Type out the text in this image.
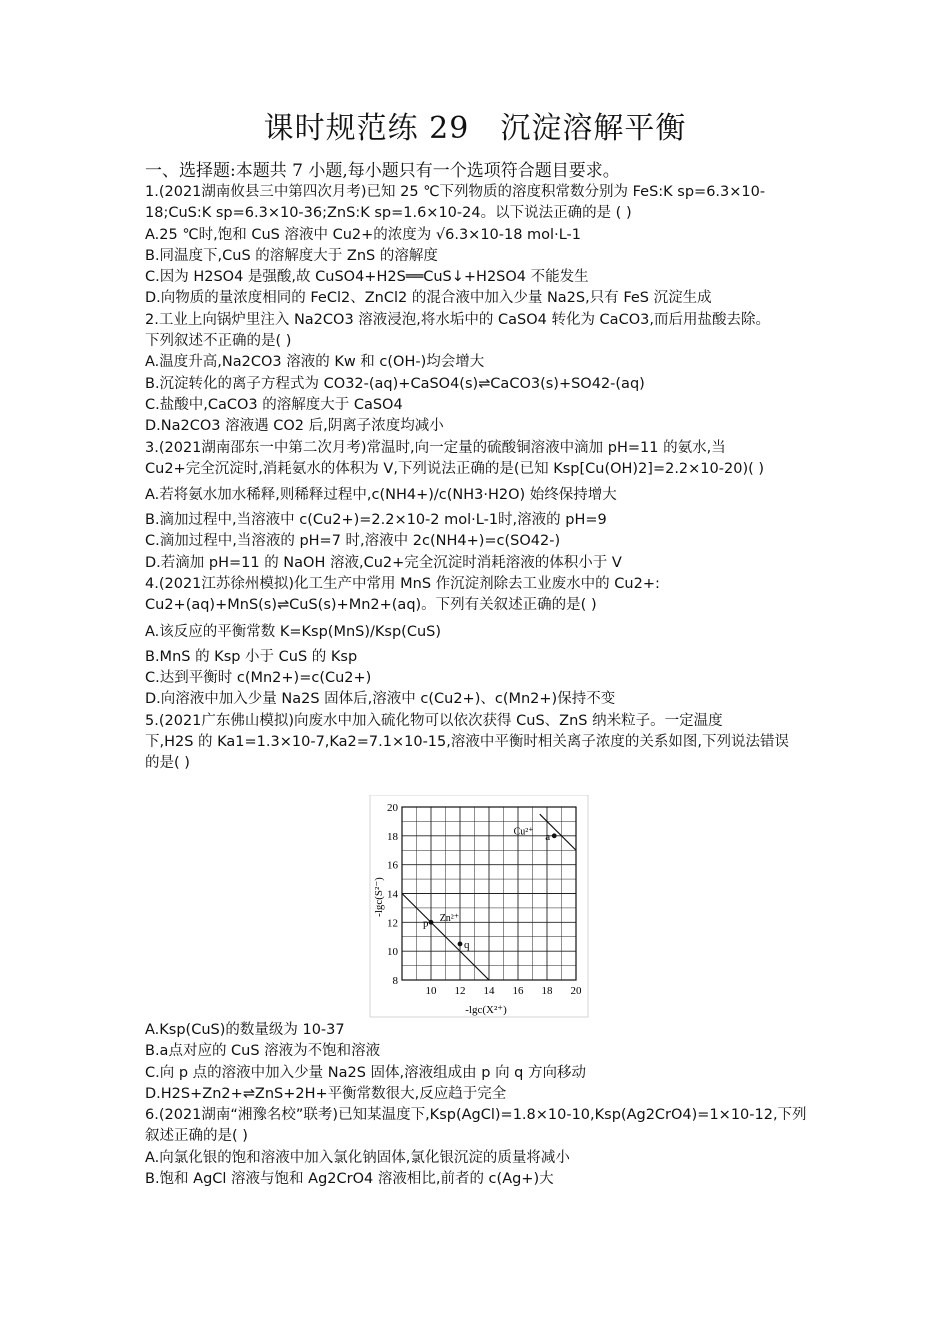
课时规范练 29　沉淀溶解平衡
一、选择题:本题共 7 小题,每小题只有一个选项符合题目要求。
1.(2021湖南攸县三中第四次月考)已知 25 ℃下列物质的溶度积常数分别为 FeS:K sp=6.3×10-
18;CuS:K sp=6.3×10-36;ZnS:K sp=1.6×10-24。以下说法正确的是 ( )
A.25 ℃时,饱和 CuS 溶液中 Cu2+的浓度为 √6.3×10-18 mol·L-1
B.同温度下,CuS 的溶解度大于 ZnS 的溶解度
C.因为 H2SO4 是强酸,故 CuSO4+H2S══CuS↓+H2SO4 不能发生
D.向物质的量浓度相同的 FeCl2、ZnCl2 的混合液中加入少量 Na2S,只有 FeS 沉淀生成
2.工业上向锅炉里注入 Na2CO3 溶液浸泡,将水垢中的 CaSO4 转化为 CaCO3,而后用盐酸去除。
下列叙述不正确的是( )
A.温度升高,Na2CO3 溶液的 Kw 和 c(OH-)均会增大
B.沉淀转化的离子方程式为 CO32-(aq)+CaSO4(s)⇌CaCO3(s)+SO42-(aq)
C.盐酸中,CaCO3 的溶解度大于 CaSO4
D.Na2CO3 溶液遇 CO2 后,阴离子浓度均减小
3.(2021湖南邵东一中第二次月考)常温时,向一定量的硫酸铜溶液中滴加 pH=11 的氨水,当
Cu2+完全沉淀时,消耗氨水的体积为 V,下列说法正确的是(已知 Ksp[Cu(OH)2]=2.2×10-20)( )
A.若将氨水加水稀释,则稀释过程中,c(NH4+)/c(NH3·H2O) 始终保持增大
B.滴加过程中,当溶液中 c(Cu2+)=2.2×10-2 mol·L-1时,溶液的 pH=9
C.滴加过程中,当溶液的 pH=7 时,溶液中 2c(NH4+)=c(SO42-)
D.若滴加 pH=11 的 NaOH 溶液,Cu2+完全沉淀时消耗溶液的体积小于 V
4.(2021江苏徐州模拟)化工生产中常用 MnS 作沉淀剂除去工业废水中的 Cu2+:
Cu2+(aq)+MnS(s)⇌CuS(s)+Mn2+(aq)。下列有关叙述正确的是( )
A.该反应的平衡常数 K=Ksp(MnS)/Ksp(CuS)
B.MnS 的 Ksp 小于 CuS 的 Ksp
C.达到平衡时 c(Mn2+)=c(Cu2+)
D.向溶液中加入少量 Na2S 固体后,溶液中 c(Cu2+)、c(Mn2+)保持不变
5.(2021广东佛山模拟)向废水中加入硫化物可以依次获得 CuS、ZnS 纳米粒子。一定温度
下,H2S 的 Ka1=1.3×10-7,Ka2=7.1×10-15,溶液中平衡时相关离子浓度的关系如图,下列说法错误
的是( )
8
10
12
14
16
18
20
10 12 14 16 18 20
Cu²⁺
Zn²⁺
a
p
q
-lgc(S²⁻)
-lgc(X²⁺)
A.Ksp(CuS)的数量级为 10-37
B.a点对应的 CuS 溶液为不饱和溶液
C.向 p 点的溶液中加入少量 Na2S 固体,溶液组成由 p 向 q 方向移动
D.H2S+Zn2+⇌ZnS+2H+平衡常数很大,反应趋于完全
6.(2021湖南“湘豫名校”联考)已知某温度下,Ksp(AgCl)=1.8×10-10,Ksp(Ag2CrO4)=1×10-12,下列
叙述正确的是( )
A.向氯化银的饱和溶液中加入氯化钠固体,氯化银沉淀的质量将减小
B.饱和 AgCl 溶液与饱和 Ag2CrO4 溶液相比,前者的 c(Ag+)大
